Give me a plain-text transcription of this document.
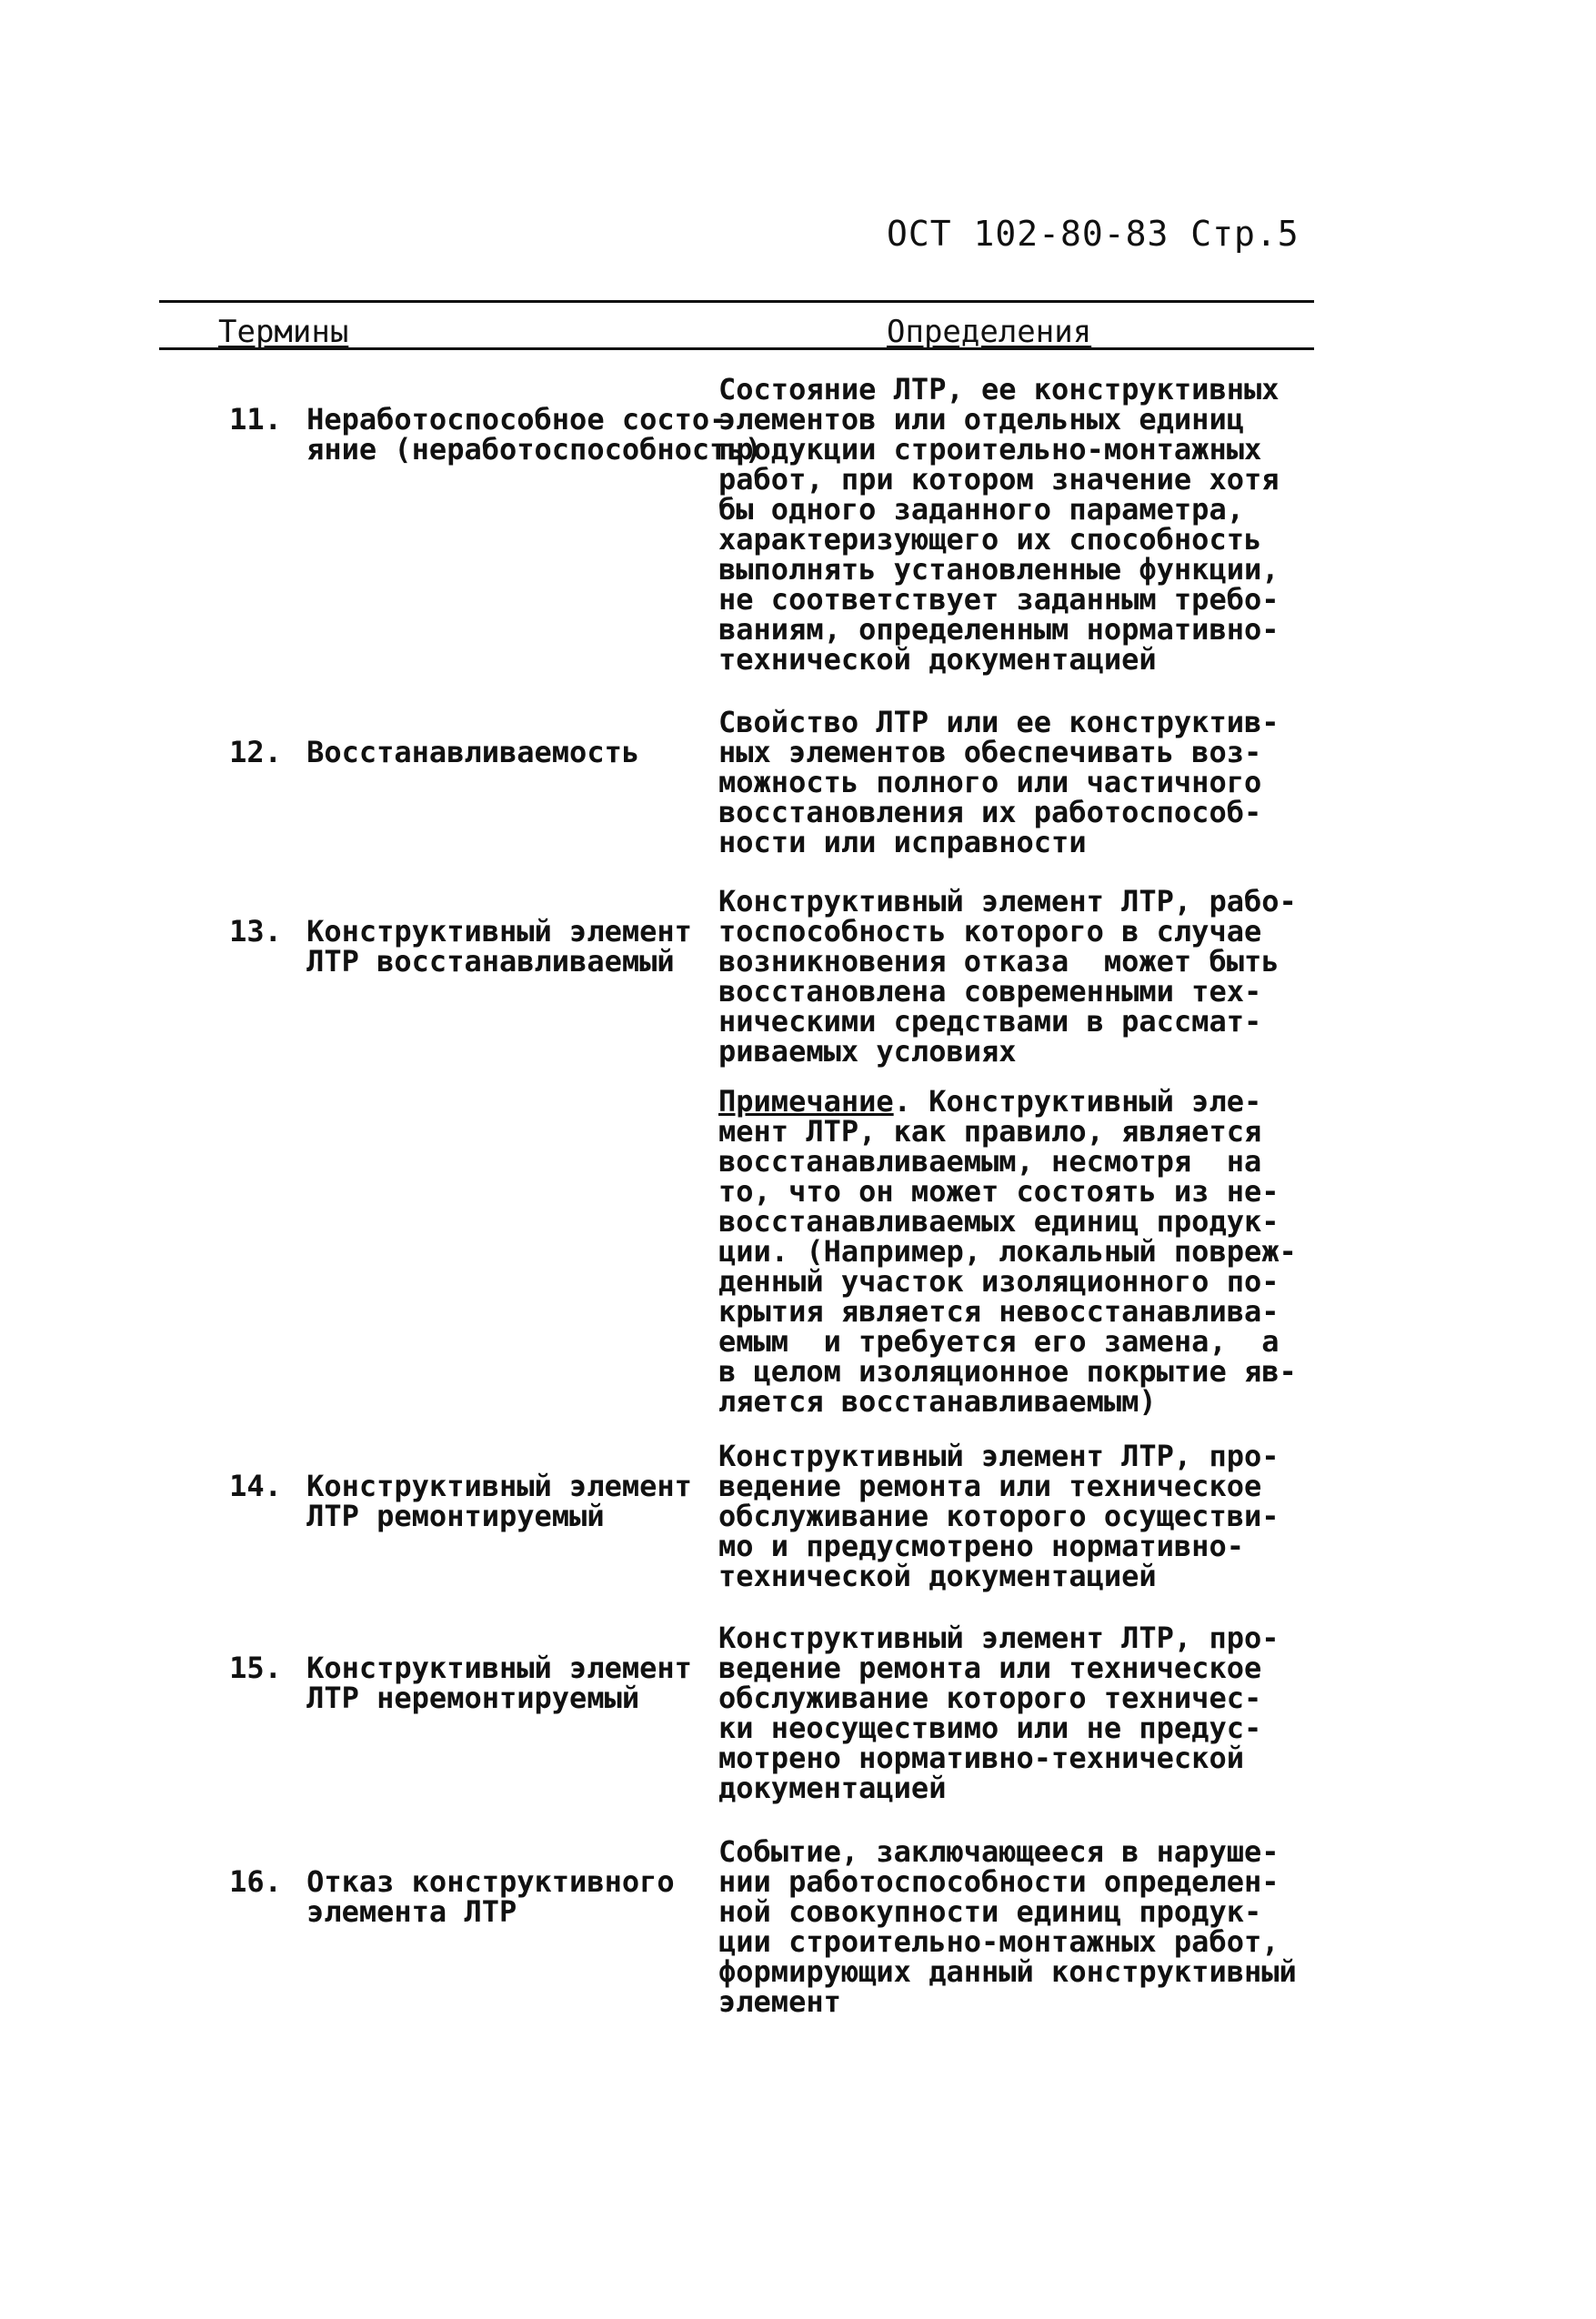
ОСТ 102-80-83 Стр.5
Термины	Определения

11. Неработоспособное состо-
яние (неработоспособность)

Состояние ЛТР, ее конструктивных
элементов или отдельных единиц
продукции строительно-монтажных
работ, при котором значение хотя
бы одного заданного параметра,
характеризующего их способность
выполнять установленные функции,
не соответствует заданным требо-
ваниям, определенным нормативно-
технической документацией

12. Восстанавливаемость

Свойство ЛТР или ее конструктив-
ных элементов обеспечивать воз-
можность полного или частичного
восстановления их работоспособ-
ности или исправности

13. Конструктивный элемент
ЛТР восстанавливаемый

Конструктивный элемент ЛТР, рабо-
тоспособность которого в случае
возникновения отказа  может быть
восстановлена современными тех-
ническими средствами в рассмат-
риваемых условиях
Примечание. Конструктивный эле-
мент ЛТР, как правило, является
восстанавливаемым, несмотря  на
то, что он может состоять из не-
восстанавливаемых единиц продук-
ции. (Например, локальный повреж-
денный участок изоляционного по-
крытия является невосстанавлива-
емым  и требуется его замена,  а
в целом изоляционное покрытие яв-
ляется восстанавливаемым)

14. Конструктивный элемент
ЛТР ремонтируемый

Конструктивный элемент ЛТР, про-
ведение ремонта или техническое
обслуживание которого осуществи-
мо и предусмотрено нормативно-
технической документацией

15. Конструктивный элемент
ЛТР неремонтируемый

Конструктивный элемент ЛТР, про-
ведение ремонта или техническое
обслуживание которого техничес-
ки неосуществимо или не предус-
мотрено нормативно-технической
документацией

16. Отказ конструктивного
элемента ЛТР

Событие, заключающееся в наруше-
нии работоспособности определен-
ной совокупности единиц продук-
ции строительно-монтажных работ,
формирующих данный конструктивный
элемент
